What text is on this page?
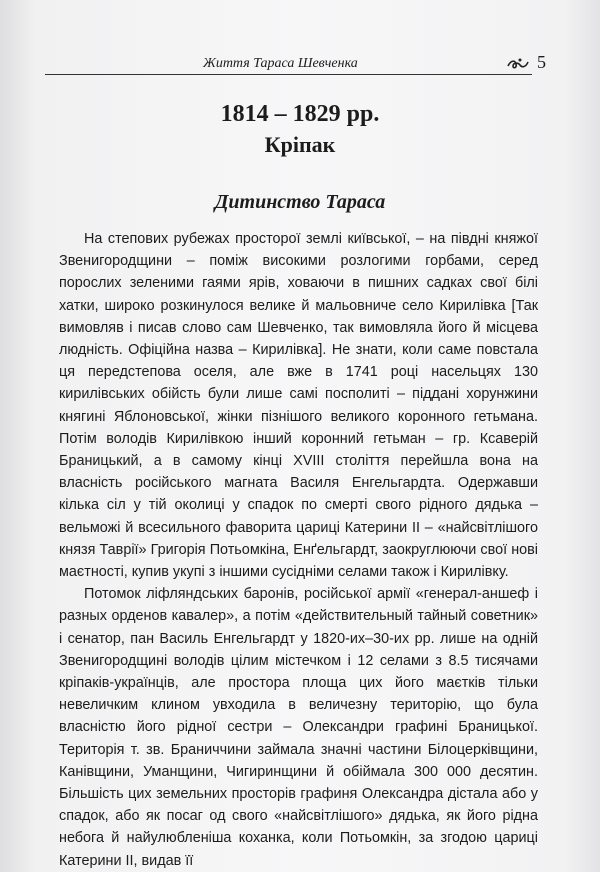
Життя Тараса Шевченка	5
1814 – 1829 рр.
Кріпак
Дитинство Тараса

На степових рубежах просторої землі київської, – на півдні княжої Звенигородщини – поміж високими розлогими горбами, серед порослих зеленими гаями ярів, ховаючи в пишних садках свої білі хатки, широко розкинулося велике й мальовниче село Кирилівка [Так вимовляв і писав слово сам Шевченко, так вимовляла його й місцева людність. Офіційна назва – Кирилівка]. Не знати, коли саме повстала ця передстепова оселя, але вже в 1741 році насельцях 130 кирилівських обійсть були лише самі посполиті – піддані хорунжини княгині Яблоновської, жінки пізнішого великого коронного гетьмана. Потім володів Кирилівкою інший коронний гетьман – гр. Ксаверій Браницький, а в самому кінці XVIII століття перейшла вона на власність російського магната Василя Енгельгардта. Одержавши кілька сіл у тій околиці у спадок по смерті свого рідного дядька – вельможі й всесильного фаворита цариці Катерини II – «найсвітлішого князя Таврії» Григорія Потьомкіна, Енґельгардт, заокруглюючи свої нові маєтності, купив укупі з іншими сусідніми селами також і Кирилівку.

Потомок ліфляндських баронів, російської армії «генерал-аншеф і разных орденов кавалер», а потім «действительный тайный советник» і сенатор, пан Василь Енгельгардт у 1820-их–30-их рр. лише на одній Звенигородщині володів цілим містечком і 12 селами з 8.5 тисячами кріпаків-українців, але простора площа цих його маєтків тільки невеличким клином увходила в величезну територію, що була власністю його рідної сестри – Олександри графині Браницької. Територія т. зв. Браниччини займала значні частини Білоцерківщини, Канівщини, Уманщини, Чигиринщини й обіймала 300 000 десятин. Більшість цих земельних просторів графиня Олександра дістала або у спадок, або як посаг од свого «найсвітлішого» дядька, як його рідна небога й найулюбленіша коханка, коли Потьомкін, за згодою цариці Катерини II, видав її
